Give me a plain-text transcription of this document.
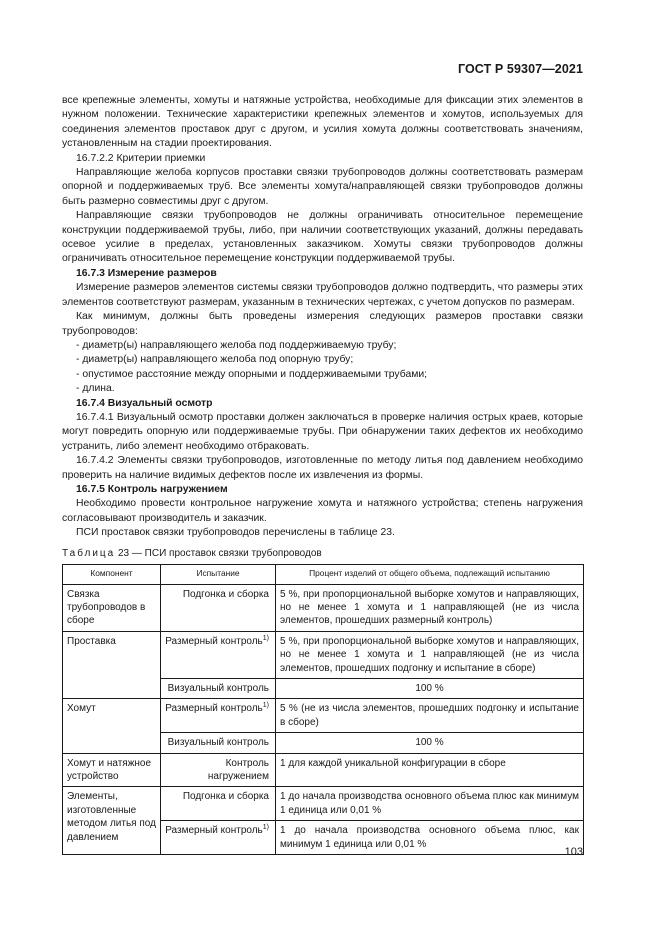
ГОСТ Р 59307—2021

все крепежные элементы, хомуты и натяжные устройства, необходимые для фиксации этих элементов в нужном положении. Технические характеристики крепежных элементов и хомутов, используемых для соединения элементов проставок друг с другом, и усилия хомута должны соответствовать значениям, установленным на стадии проектирования.

16.7.2.2 Критерии приемки

Направляющие желоба корпусов проставки связки трубопроводов должны соответствовать размерам опорной и поддерживаемых труб. Все элементы хомута/направляющей связки трубопроводов должны быть размерно совместимы друг с другом.

Направляющие связки трубопроводов не должны ограничивать относительное перемещение конструкции поддерживаемой трубы, либо, при наличии соответствующих указаний, должны передавать осевое усилие в пределах, установленных заказчиком. Хомуты связки трубопроводов должны ограничивать относительное перемещение конструкции поддерживаемой трубы.

16.7.3 Измерение размеров

Измерение размеров элементов системы связки трубопроводов должно подтвердить, что размеры этих элементов соответствуют размерам, указанным в технических чертежах, с учетом допусков по размерам.

Как минимум, должны быть проведены измерения следующих размеров проставки связки трубопроводов:

- диаметр(ы) направляющего желоба под поддерживаемую трубу;

- диаметр(ы) направляющего желоба под опорную трубу;

- опустимое расстояние между опорными и поддерживаемыми трубами;

- длина.

16.7.4 Визуальный осмотр

16.7.4.1 Визуальный осмотр проставки должен заключаться в проверке наличия острых краев, которые могут повредить опорную или поддерживаемые трубы. При обнаружении таких дефектов их необходимо устранить, либо элемент необходимо отбраковать.

16.7.4.2 Элементы связки трубопроводов, изготовленные по методу литья под давлением необходимо проверить на наличие видимых дефектов после их извлечения из формы.

16.7.5 Контроль нагружением

Необходимо провести контрольное нагружение хомута и натяжного устройства; степень нагружения согласовывают производитель и заказчик.

ПСИ проставок связки трубопроводов перечислены в таблице 23.

Таблица 23 — ПСИ проставок связки трубопроводов
Компонент	Испытание	Процент изделий от общего объема, подлежащий испытанию
Связка трубопроводов в сборе	Подгонка и сборка	5 %, при пропорциональной выборке хомутов и направляющих, но не менее 1 хомута и 1 направляющей (не из числа элементов, прошедших размерный контроль)
Проставка	Размерный контроль$^{1)}$	5 %, при пропорциональной выборке хомутов и направляющих, но не менее 1 хомута и 1 направляющей (не из числа элементов, прошедших подгонку и испытание в сборе)
	Визуальный контроль	100 %
Хомут	Размерный контроль$^{1)}$	5 % (не из числа элементов, прошедших подгонку и испытание в сборе)
	Визуальный контроль	100 %
Хомут и натяжное устройство	Контроль нагружением	1 для каждой уникальной конфигурации в сборе
Элементы, изготовленные методом литья под давлением	Подгонка и сборка	1 до начала производства основного объема плюс как минимум 1 единица или 0,01 %
	Размерный контроль$^{1)}$	1 до начала производства основного объема плюс, как минимум 1 единица или 0,01 %
103
